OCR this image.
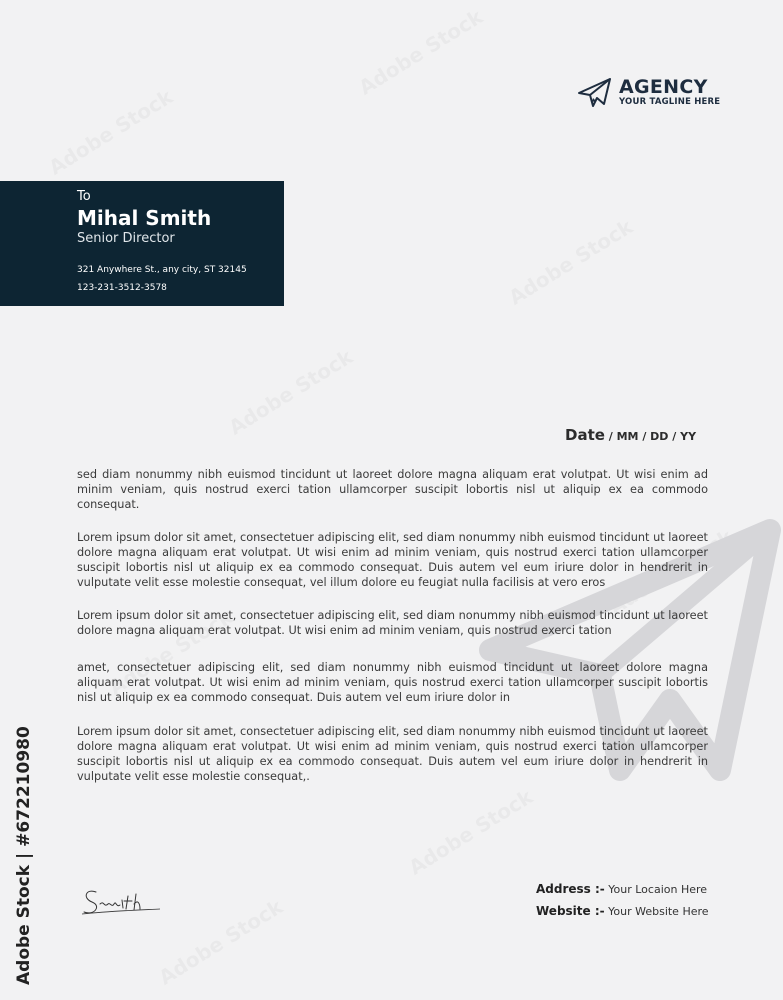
AGENCY
YOUR TAGLINE HERE
To
Mihal Smith
Senior Director
321 Anywhere St., any city, ST 32145
123-231-3512-3578
Date / MM / DD / YY

sed diam nonummy nibh euismod tincidunt ut laoreet dolore magna aliquam erat volutpat. Ut wisi enim ad minim veniam, quis nostrud exerci tation ullamcorper suscipit lobortis nisl ut aliquip ex ea commodo consequat.

Lorem ipsum dolor sit amet, consectetuer adipiscing elit, sed diam nonummy nibh euismod tincidunt ut laoreet dolore magna aliquam erat volutpat. Ut wisi enim ad minim veniam, quis nostrud exerci tation ullamcorper suscipit lobortis nisl ut aliquip ex ea commodo consequat. Duis autem vel eum iriure dolor in hendrerit in vulputate velit esse molestie consequat, vel illum dolore eu feugiat nulla facilisis at vero eros

Lorem ipsum dolor sit amet, consectetuer adipiscing elit, sed diam nonummy nibh euismod tincidunt ut laoreet dolore magna aliquam erat volutpat. Ut wisi enim ad minim veniam, quis nostrud exerci tation

amet, consectetuer adipiscing elit, sed diam nonummy nibh euismod tincidunt ut laoreet dolore magna aliquam erat volutpat. Ut wisi enim ad minim veniam, quis nostrud exerci tation ullamcorper suscipit lobortis nisl ut aliquip ex ea commodo consequat. Duis autem vel eum iriure dolor in

Lorem ipsum dolor sit amet, consectetuer adipiscing elit, sed diam nonummy nibh euismod tincidunt ut laoreet dolore magna aliquam erat volutpat. Ut wisi enim ad minim veniam, quis nostrud exerci tation ullamcorper suscipit lobortis nisl ut aliquip ex ea commodo consequat. Duis autem vel eum iriure dolor in hendrerit in vulputate velit esse molestie consequat,.

Address :- Your Locaion Here
Website :- Your Website Here
Adobe Stock | #672210980
